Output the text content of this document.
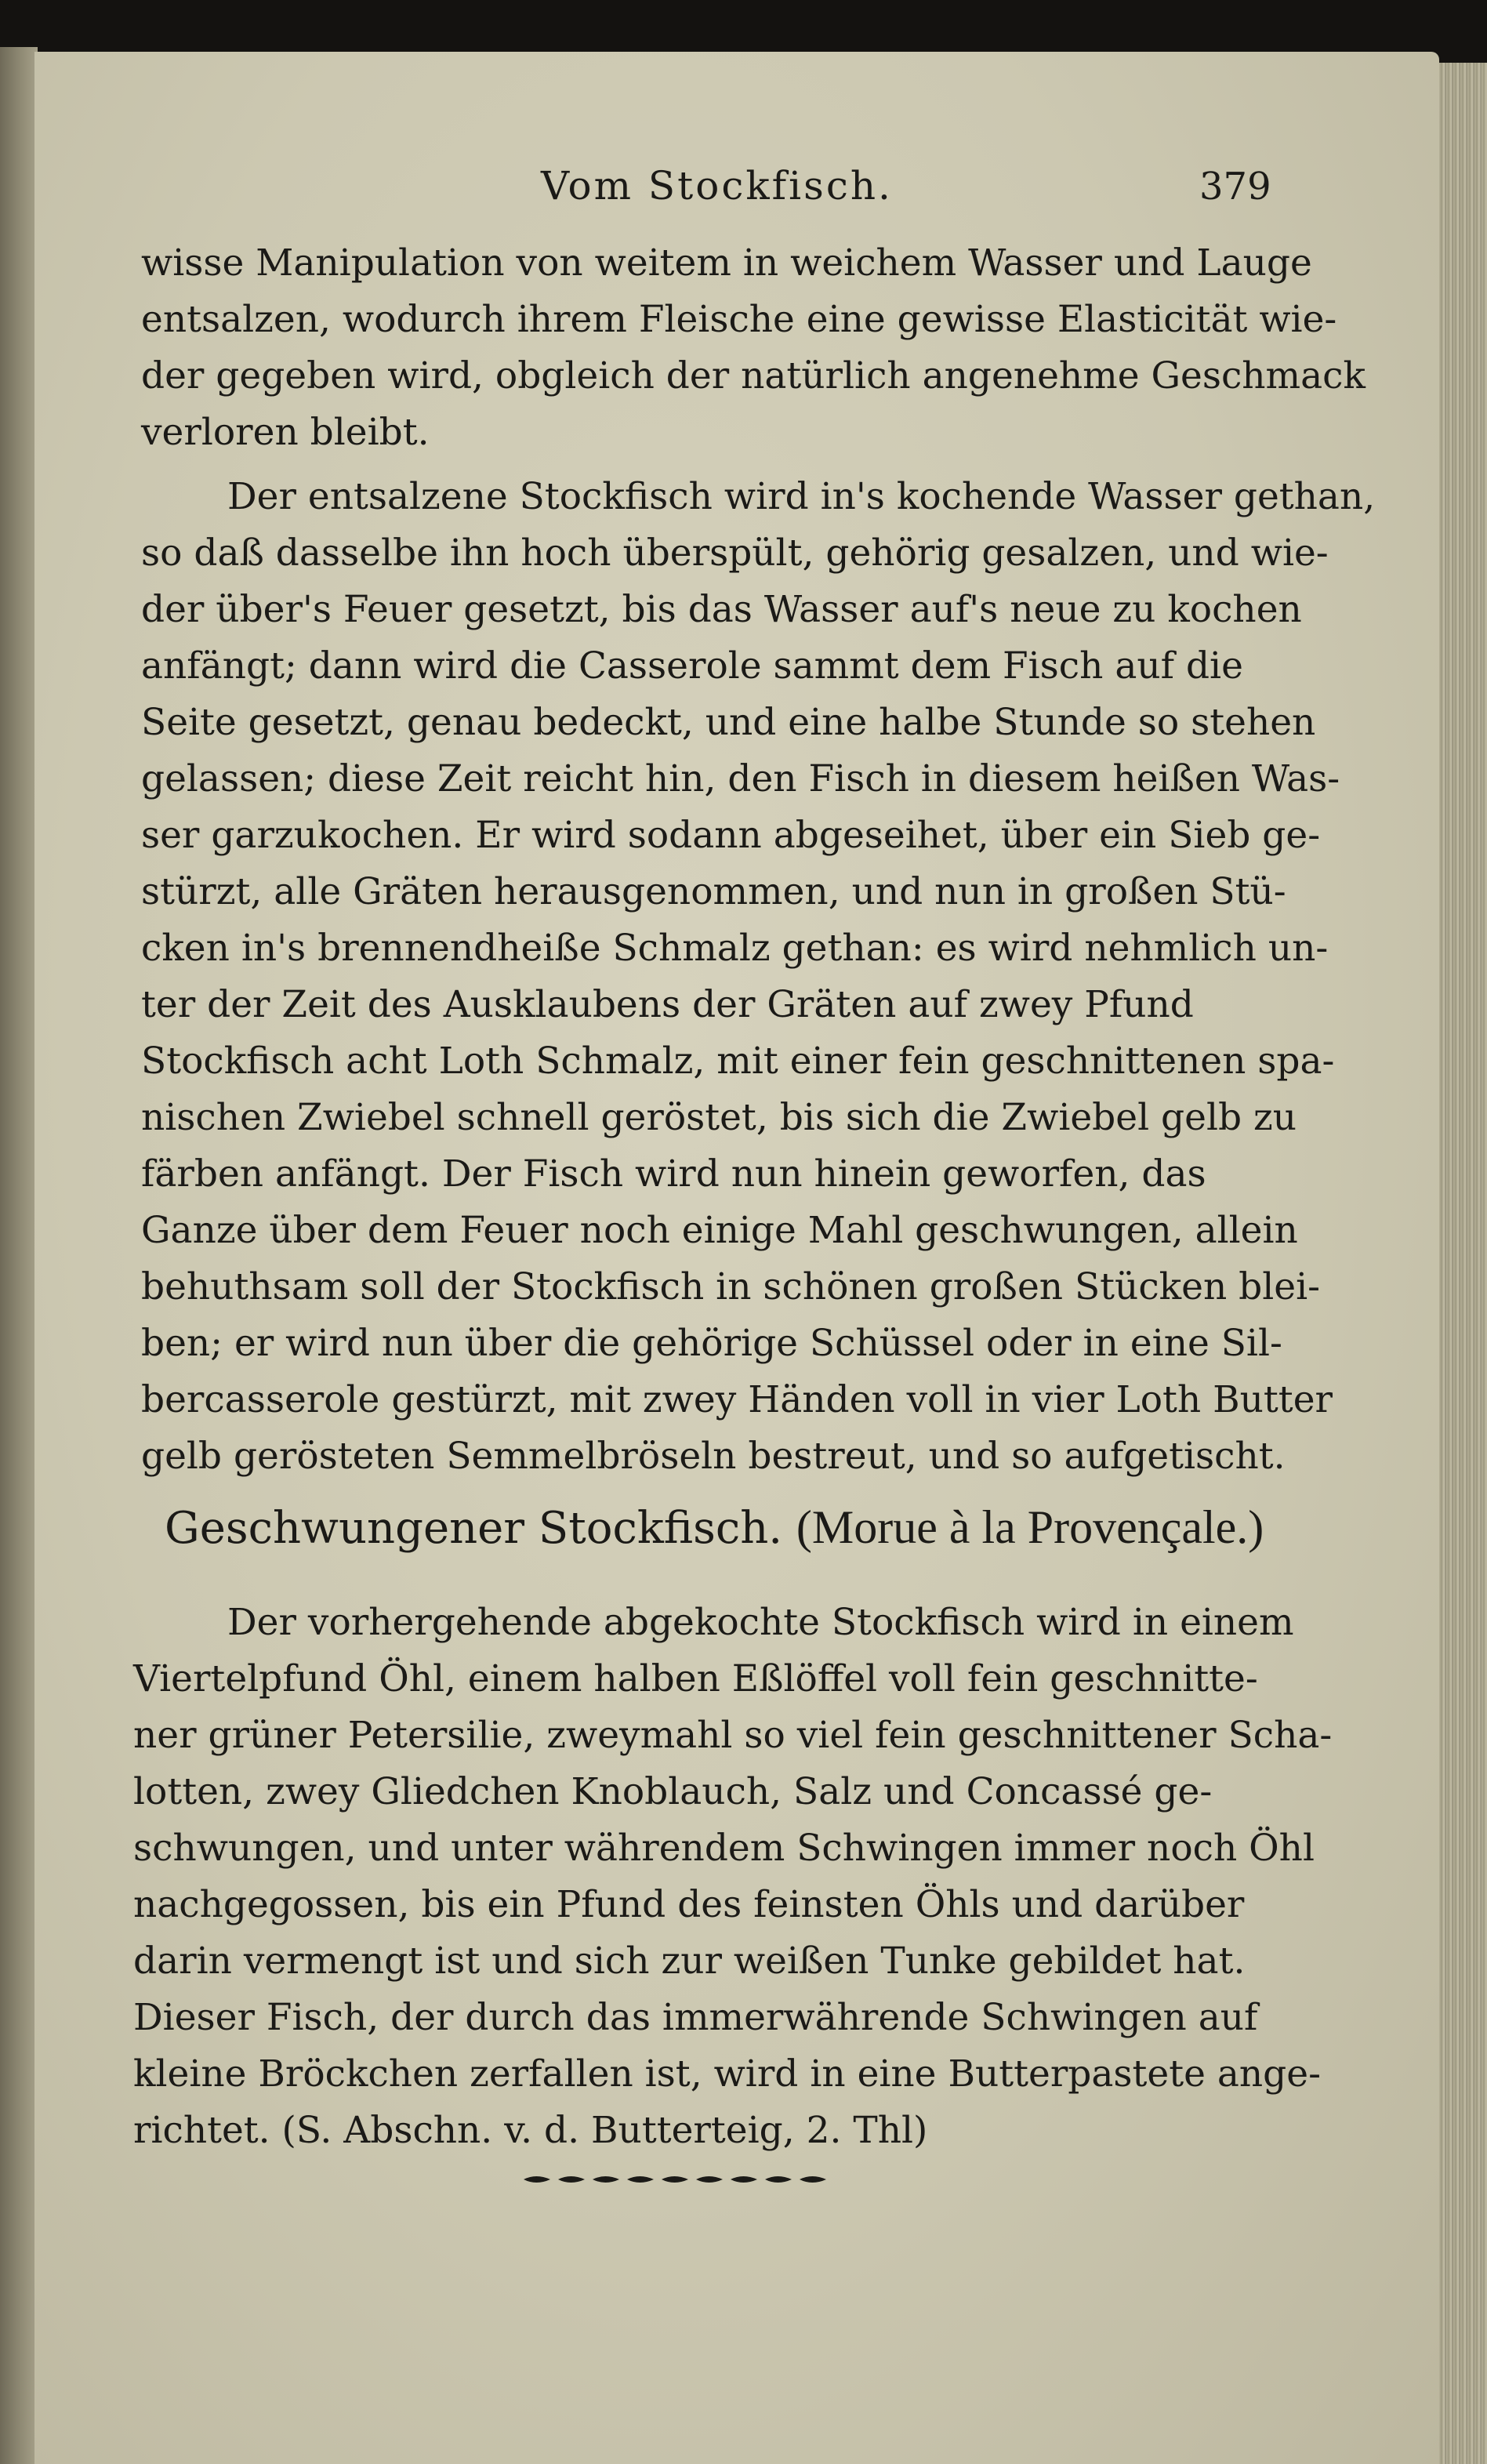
Vom Stockfisch.	379
wisse Manipulation von weitem in weichem Wasser und Lauge
entsalzen, wodurch ihrem Fleische eine gewisse Elasticität wie-
der gegeben wird, obgleich der natürlich angenehme Geschmack
verloren bleibt.
Der entsalzene Stockfisch wird in's kochende Wasser gethan,
so daß dasselbe ihn hoch überspült, gehörig gesalzen, und wie-
der über's Feuer gesetzt, bis das Wasser auf's neue zu kochen
anfängt; dann wird die Casserole sammt dem Fisch auf die
Seite gesetzt, genau bedeckt, und eine halbe Stunde so stehen
gelassen; diese Zeit reicht hin, den Fisch in diesem heißen Was-
ser garzukochen. Er wird sodann abgeseihet, über ein Sieb ge-
stürzt, alle Gräten herausgenommen, und nun in großen Stü-
cken in's brennendheiße Schmalz gethan: es wird nehmlich un-
ter der Zeit des Ausklaubens der Gräten auf zwey Pfund
Stockfisch acht Loth Schmalz, mit einer fein geschnittenen spa-
nischen Zwiebel schnell geröstet, bis sich die Zwiebel gelb zu
färben anfängt. Der Fisch wird nun hinein geworfen, das
Ganze über dem Feuer noch einige Mahl geschwungen, allein
behuthsam soll der Stockfisch in schönen großen Stücken blei-
ben; er wird nun über die gehörige Schüssel oder in eine Sil-
bercasserole gestürzt, mit zwey Händen voll in vier Loth Butter
gelb gerösteten Semmelbröseln bestreut, und so aufgetischt.
Geschwungener Stockfisch. (Morue à la Provençale.)
Der vorhergehende abgekochte Stockfisch wird in einem
Viertelpfund Öhl, einem halben Eßlöffel voll fein geschnitte-
ner grüner Petersilie, zweymahl so viel fein geschnittener Scha-
lotten, zwey Gliedchen Knoblauch, Salz und Concassé ge-
schwungen, und unter währendem Schwingen immer noch Öhl
nachgegossen, bis ein Pfund des feinsten Öhls und darüber
darin vermengt ist und sich zur weißen Tunke gebildet hat.
Dieser Fisch, der durch das immerwährende Schwingen auf
kleine Bröckchen zerfallen ist, wird in eine Butterpastete ange-
richtet. (S. Abschn. v. d. Butterteig, 2. Thl)
